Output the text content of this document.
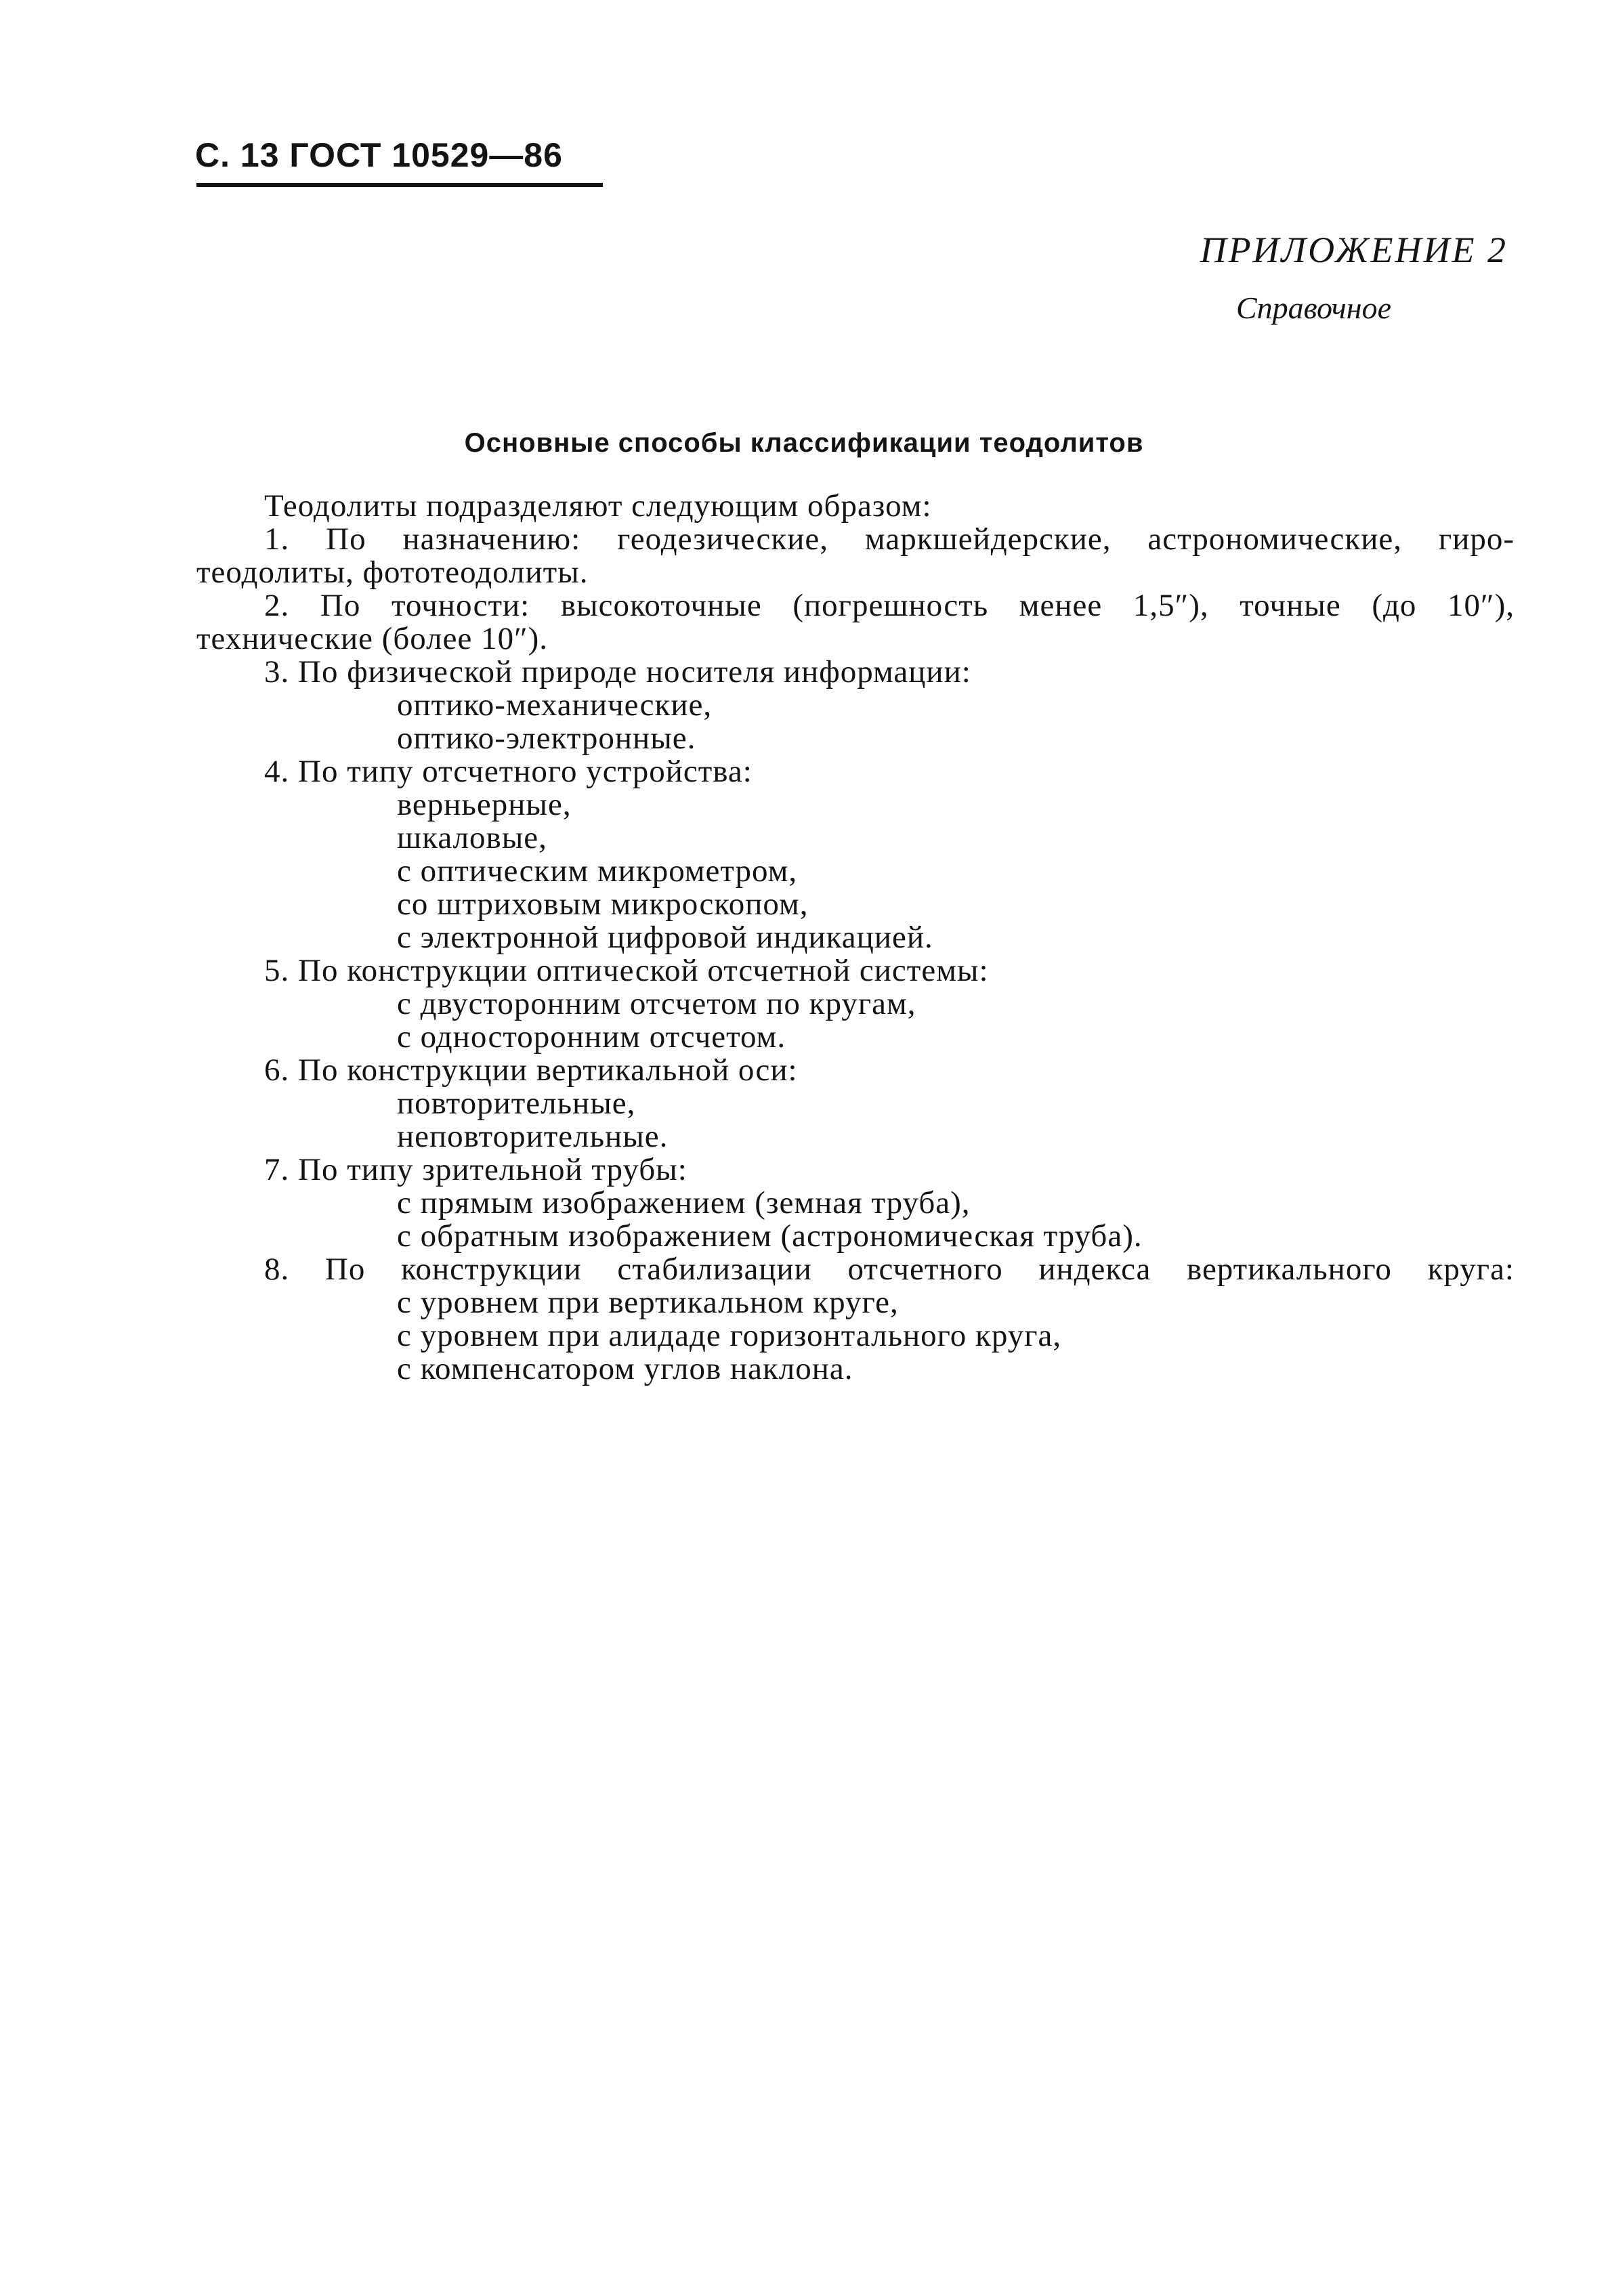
С. 13 ГОСТ 10529—86
ПРИЛОЖЕНИЕ 2
Справочное
Основные способы классификации теодолитов
Теодолиты подразделяют следующим образом:
1. По назначению: геодезические, маркшейдерские, астрономические, гиро-
теодолиты, фототеодолиты.
2. По точности: высокоточные (погрешность менее 1,5″), точные (до 10″),
технические (более 10″).
3. По физической природе носителя информации:
оптико-механические,
оптико-электронные.
4. По типу отсчетного устройства:
верньерные,
шкаловые,
с оптическим микрометром,
со штриховым микроскопом,
с электронной цифровой индикацией.
5. По конструкции оптической отсчетной системы:
с двусторонним отсчетом по кругам,
с односторонним отсчетом.
6. По конструкции вертикальной оси:
повторительные,
неповторительные.
7. По типу зрительной трубы:
с прямым изображением (земная труба),
с обратным изображением (астрономическая труба).
8. По конструкции стабилизации отсчетного индекса вертикального круга:
с уровнем при вертикальном круге,
с уровнем при алидаде горизонтального круга,
с компенсатором углов наклона.
